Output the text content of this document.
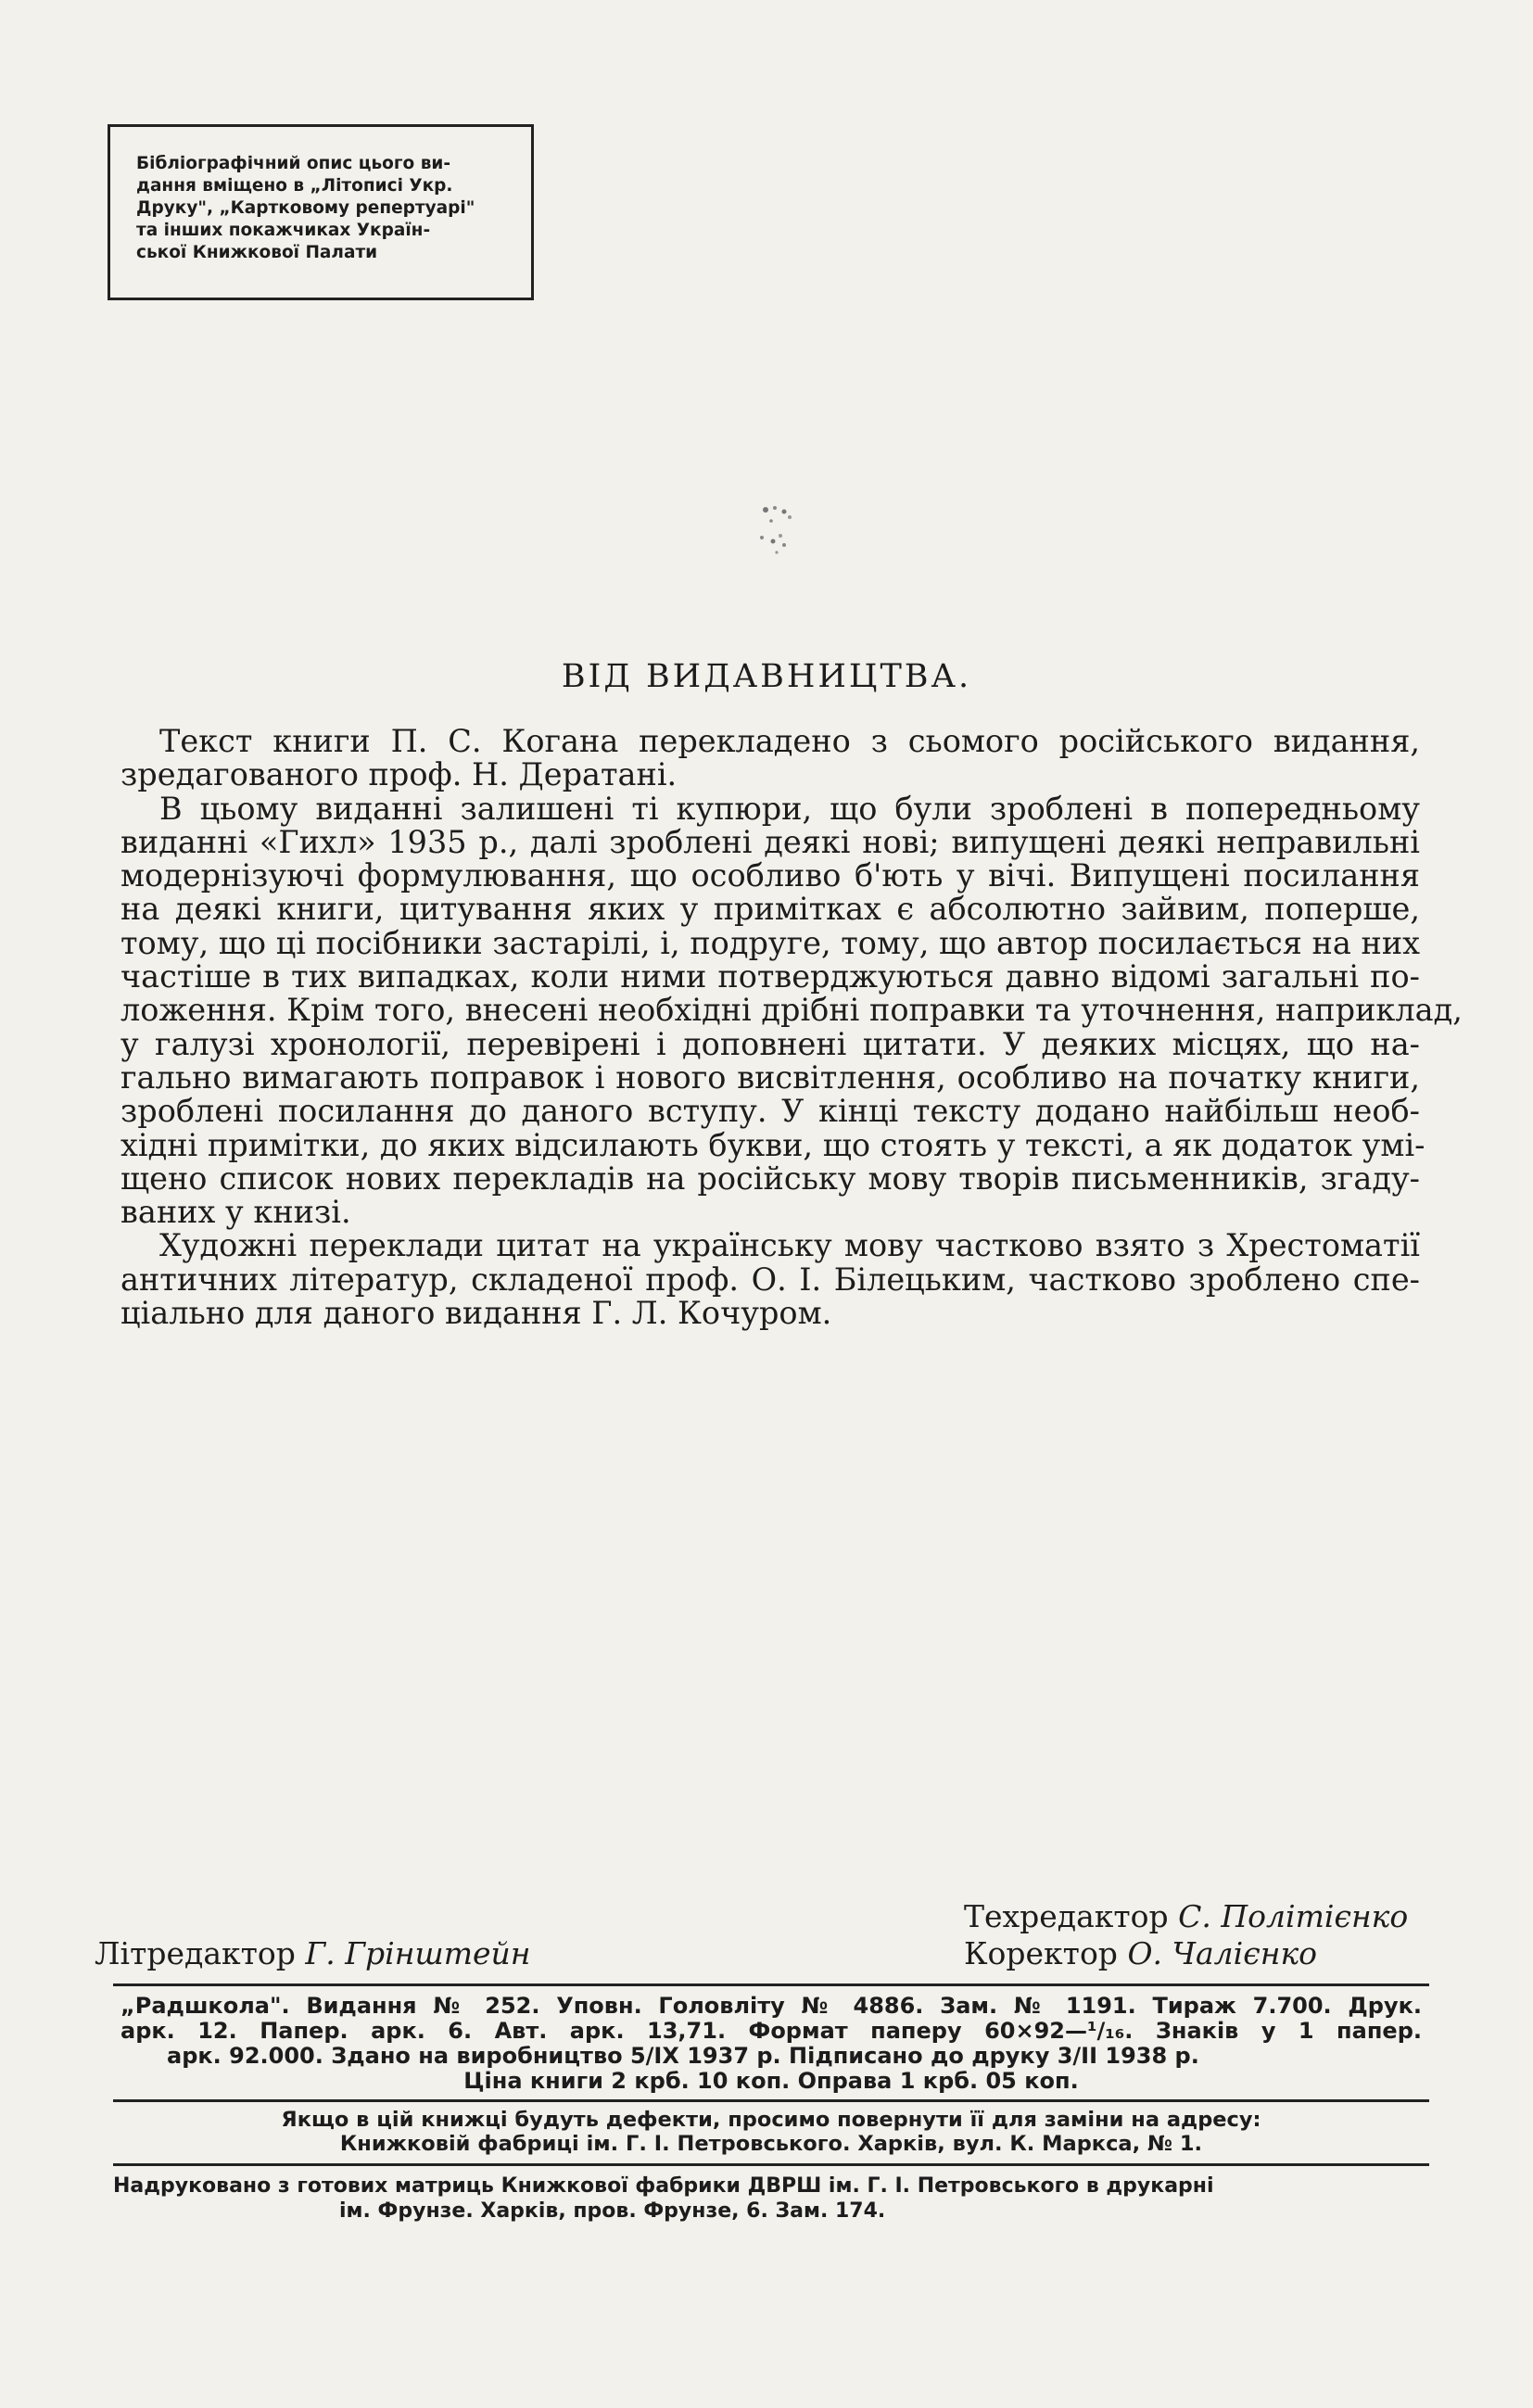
Бібліографічний опис цього ви-
дання вміщено в „Літописі Укр.
Друку", „Картковому репертуарі"
та інших покажчиках Україн-
ської Книжкової Палати
ВІД ВИДАВНИЦТВА.
Текст книги П. С. Когана перекладено з сьомого російського видання,
зредагованого проф. Н. Дератані.
В цьому виданні залишені ті купюри, що були зроблені в попередньому
виданні «Гихл» 1935 р., далі зроблені деякі нові; випущені деякі неправильні
модернізуючі формулювання, що особливо б'ють у вічі. Випущені посилання
на деякі книги, цитування яких у примітках є абсолютно зайвим, поперше,
тому, що ці посібники застарілі, і, подруге, тому, що автор посилається на них
частіше в тих випадках, коли ними потверджуються давно відомі загальні по-
ложення. Крім того, внесені необхідні дрібні поправки та уточнення, наприклад,
у галузі хронології, перевірені і доповнені цитати. У деяких місцях, що на-
гально вимагають поправок і нового висвітлення, особливо на початку книги,
зроблені посилання до даного вступу. У кінці тексту додано найбільш необ-
хідні примітки, до яких відсилають букви, що стоять у тексті, а як додаток умі-
щено список нових перекладів на російську мову творів письменників, згаду-
ваних у книзі.
Художні переклади цитат на українську мову частково взято з Хрестоматії
античних літератур, складеної проф. О. І. Білецьким, частково зроблено спе-
ціально для даного видання Г. Л. Кочуром.
Техредактор С. Політієнко
Коректор О. Чалієнко
Літредактор Г. Грінштейн
„Радшкола". Видання № 252. Уповн. Головліту № 4886. Зам. № 1191. Тираж 7.700. Друк.
арк. 12. Папер. арк. 6. Авт. арк. 13,71. Формат паперу 60×92—¹/₁₆. Знаків у 1 папер.
арк. 92.000. Здано на виробництво 5/IX 1937 р. Підписано до друку 3/II 1938 р.
Ціна книги 2 крб. 10 коп. Оправа 1 крб. 05 коп.
Якщо в цій книжці будуть дефекти, просимо повернути її для заміни на адресу:
Книжковій фабриці ім. Г. І. Петровського. Харків, вул. К. Маркса, № 1.
Надруковано з готових матриць Книжкової фабрики ДВРШ ім. Г. І. Петровського в друкарні
ім. Фрунзе. Харків, пров. Фрунзе, 6. Зам. 174.
